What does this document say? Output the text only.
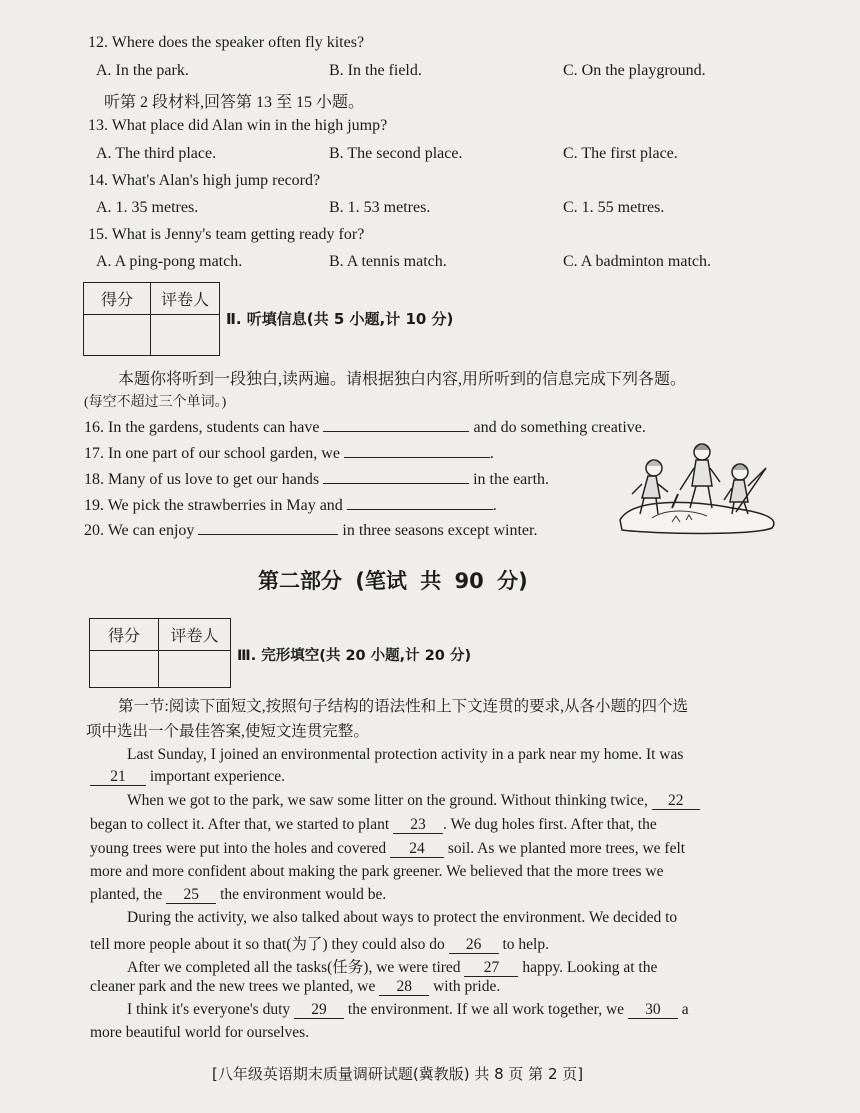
12. Where does the speaker often fly kites?
A. In the park.	B. In the field.	C. On the playground.
听第 2 段材料,回答第 13 至 15 小题。
13. What place did Alan win in the high jump?
A. The third place.	B. The second place.	C. The first place.
14. What's Alan's high jump record?
A. 1. 35 metres.	B. 1. 53 metres.	C. 1. 55 metres.
15. What is Jenny's team getting ready for?
A. A ping-pong match.	B. A tennis match.	C. A badminton match.
得分	评卷人

Ⅱ. 听填信息(共 5 小题,计 10 分)
本题你将听到一段独白,读两遍。请根据独白内容,用所听到的信息完成下列各题。
(每空不超过三个单词。)
16. In the gardens, students can have	and do something creative.
17. In one part of our school garden, we	.
18. Many of us love to get our hands	in the earth.
19. We pick the strawberries in May and	.
20. We can enjoy	in three seasons except winter.
第二部分 (笔试 共 90 分)
得分	评卷人

Ⅲ. 完形填空(共 20 小题,计 20 分)
第一节:阅读下面短文,按照句子结构的语法性和上下文连贯的要求,从各小题的四个选
项中选出一个最佳答案,使短文连贯完整。
Last Sunday, I joined an environmental protection activity in a park near my home. It was
21 important experience.
When we got to the park, we saw some litter on the ground. Without thinking twice, 22
began to collect it. After that, we started to plant 23 . We dug holes first. After that, the
young trees were put into the holes and covered 24 soil. As we planted more trees, we felt
more and more confident about making the park greener. We believed that the more trees we
planted, the 25 the environment would be.
During the activity, we also talked about ways to protect the environment. We decided to
tell more people about it so that(为了) they could also do 26 to help.
After we completed all the tasks(任务), we were tired 27 happy. Looking at the
cleaner park and the new trees we planted, we 28 with pride.
I think it's everyone's duty 29 the environment. If we all work together, we 30 a
more beautiful world for ourselves.
[八年级英语期末质量调研试题(冀教版) 共 8 页 第 2 页]
